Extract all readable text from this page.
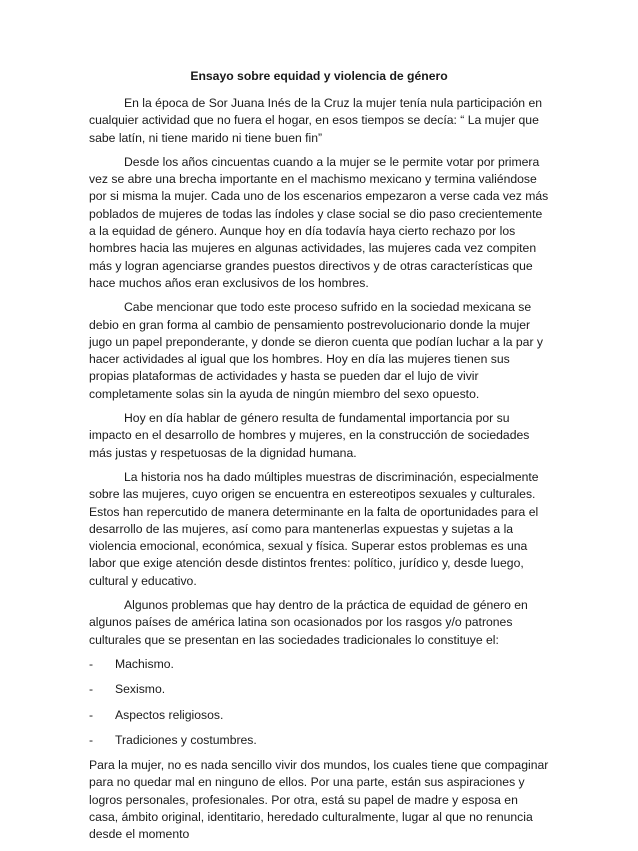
Ensayo sobre equidad y violencia de género

En la época de Sor Juana Inés de la Cruz la mujer tenía nula participación en cualquier actividad que no fuera el hogar, en esos tiempos se decía: “ La mujer que sabe latín, ni tiene marido ni tiene buen fin”

Desde los años cincuentas cuando a la mujer se le permite votar por primera vez se abre una brecha importante en el machismo mexicano y termina valiéndose por si misma la mujer. Cada uno de los escenarios empezaron a verse cada vez más poblados de mujeres de todas las índoles y clase social se dio paso crecientemente a la equidad de género. Aunque hoy en día todavía haya cierto rechazo por los hombres hacia las mujeres en algunas actividades, las mujeres cada vez compiten más y logran agenciarse grandes puestos directivos y de otras características que hace muchos años eran exclusivos de los hombres.

Cabe mencionar que todo este proceso sufrido en la sociedad mexicana se debio en gran forma al cambio de pensamiento postrevolucionario donde la mujer jugo un papel preponderante, y donde se dieron cuenta que podían luchar a la par y hacer actividades al igual que los hombres. Hoy en día las mujeres tienen sus propias plataformas de actividades y hasta se pueden dar el lujo de vivir completamente solas sin la ayuda de ningún miembro del sexo opuesto.

Hoy en día hablar de género resulta de fundamental importancia por su impacto en el desarrollo de hombres y mujeres, en la construcción de sociedades más justas y respetuosas de la dignidad humana.

La historia nos ha dado múltiples muestras de discriminación, especialmente sobre las mujeres, cuyo origen se encuentra en estereotipos sexuales y culturales. Estos han repercutido de manera determinante en la falta de oportunidades para el desarrollo de las mujeres, así como para mantenerlas expuestas y sujetas a la violencia emocional, económica, sexual y física. Superar estos problemas es una labor que exige atención desde distintos frentes: político, jurídico y, desde luego, cultural y educativo.

Algunos problemas que hay dentro de la práctica de equidad de género en algunos países de américa latina son ocasionados por los rasgos y/o patrones culturales que se presentan en las sociedades tradicionales lo constituye el:

-	Machismo.
-	Sexismo.
-	Aspectos religiosos.
-	Tradiciones y costumbres.

Para la mujer, no es nada sencillo vivir dos mundos, los cuales tiene que compaginar para no quedar mal en ninguno de ellos. Por una parte, están sus aspiraciones y logros personales, profesionales. Por otra, está su papel de madre y esposa en casa, ámbito original, identitario, heredado culturalmente, lugar al que no renuncia desde el momento
